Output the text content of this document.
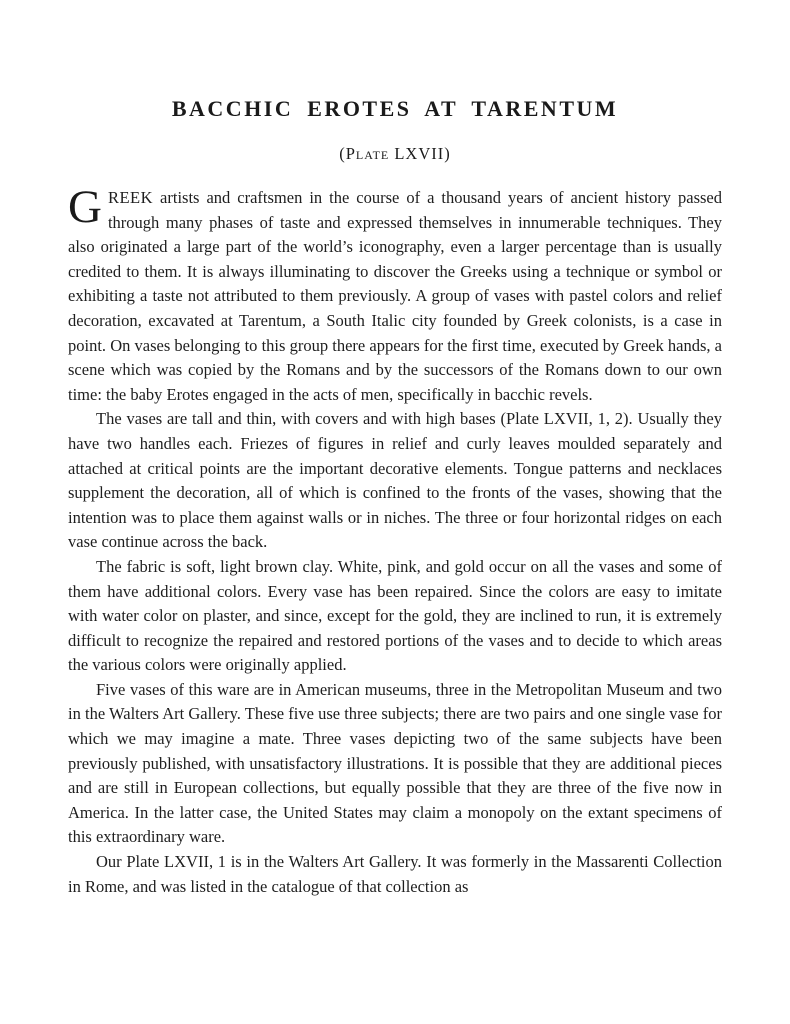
BACCHIC EROTES AT TARENTUM
(Plate LXVII)

GREEK artists and craftsmen in the course of a thousand years of ancient history passed through many phases of taste and expressed themselves in innumerable techniques. They also originated a large part of the world’s iconography, even a larger percentage than is usually credited to them. It is always illuminating to discover the Greeks using a technique or symbol or exhibiting a taste not attributed to them previously. A group of vases with pastel colors and relief decoration, excavated at Tarentum, a South Italic city founded by Greek colonists, is a case in point. On vases belonging to this group there appears for the first time, executed by Greek hands, a scene which was copied by the Romans and by the successors of the Romans down to our own time: the baby Erotes engaged in the acts of men, specifically in bacchic revels.

The vases are tall and thin, with covers and with high bases (Plate LXVII, 1, 2). Usually they have two handles each. Friezes of figures in relief and curly leaves moulded separately and attached at critical points are the important decorative elements. Tongue patterns and necklaces supplement the decoration, all of which is confined to the fronts of the vases, showing that the intention was to place them against walls or in niches. The three or four horizontal ridges on each vase continue across the back.

The fabric is soft, light brown clay. White, pink, and gold occur on all the vases and some of them have additional colors. Every vase has been repaired. Since the colors are easy to imitate with water color on plaster, and since, except for the gold, they are inclined to run, it is extremely difficult to recognize the repaired and restored portions of the vases and to decide to which areas the various colors were originally applied.

Five vases of this ware are in American museums, three in the Metropolitan Museum and two in the Walters Art Gallery. These five use three subjects; there are two pairs and one single vase for which we may imagine a mate. Three vases depicting two of the same subjects have been previously published, with unsatisfactory illustrations. It is possible that they are additional pieces and are still in European collections, but equally possible that they are three of the five now in America. In the latter case, the United States may claim a monopoly on the extant specimens of this extraordinary ware.

Our Plate LXVII, 1 is in the Walters Art Gallery. It was formerly in the Massarenti Collection in Rome, and was listed in the catalogue of that collection as
